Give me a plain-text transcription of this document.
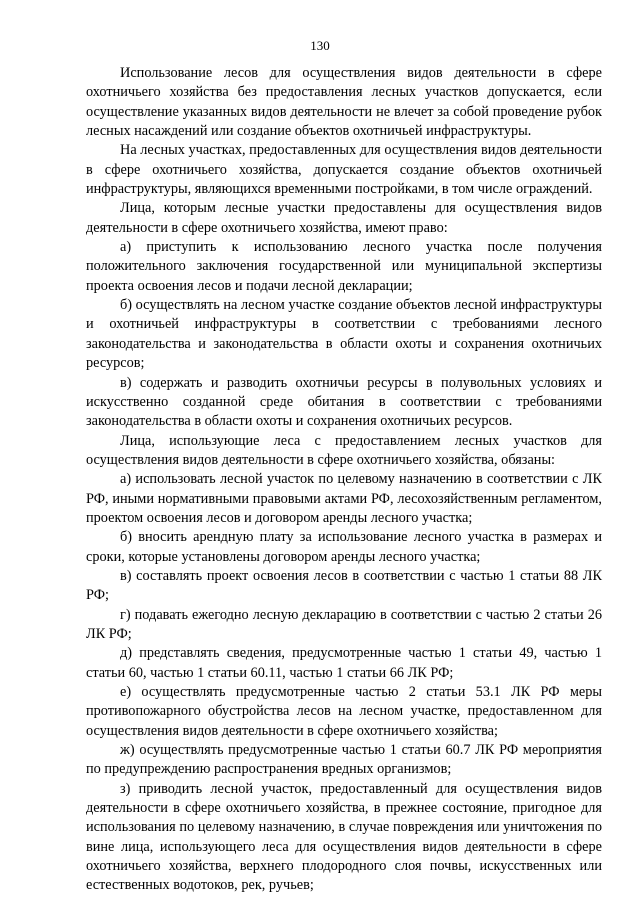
130

Использование лесов для осуществления видов деятельности в сфере охотничьего хозяйства без предоставления лесных участков допускается, если осуществление указанных видов деятельности не влечет за собой проведение рубок лесных насаждений или создание объектов охотничьей инфраструктуры.

На лесных участках, предоставленных для осуществления видов деятельности в сфере охотничьего хозяйства, допускается создание объектов охотничьей инфраструктуры, являющихся временными постройками, в том числе ограждений.

Лица, которым лесные участки предоставлены для осуществления видов деятельности в сфере охотничьего хозяйства, имеют право:

а) приступить к использованию лесного участка после получения положительного заключения государственной или муниципальной экспертизы проекта освоения лесов и подачи лесной декларации;

б) осуществлять на лесном участке создание объектов лесной инфраструктуры и охотничьей инфраструктуры в соответствии с требованиями лесного законодательства и законодательства в области охоты и сохранения охотничьих ресурсов;

в) содержать и разводить охотничьи ресурсы в полувольных условиях и искусственно созданной среде обитания в соответствии с требованиями законодательства в области охоты и сохранения охотничьих ресурсов.

Лица, использующие леса с предоставлением лесных участков для осуществления видов деятельности в сфере охотничьего хозяйства, обязаны:

а) использовать лесной участок по целевому назначению в соответствии с ЛК РФ, иными нормативными правовыми актами РФ, лесохозяйственным регламентом, проектом освоения лесов и договором аренды лесного участка;

б) вносить арендную плату за использование лесного участка в размерах и сроки, которые установлены договором аренды лесного участка;

в) составлять проект освоения лесов в соответствии с частью 1 статьи 88 ЛК РФ;

г) подавать ежегодно лесную декларацию в соответствии с частью 2 статьи 26 ЛК РФ;

д) представлять сведения, предусмотренные частью 1 статьи 49, частью 1 статьи 60, частью 1 статьи 60.11, частью 1 статьи 66 ЛК РФ;

е) осуществлять предусмотренные частью 2 статьи 53.1 ЛК РФ меры противопожарного обустройства лесов на лесном участке, предоставленном для осуществления видов деятельности в сфере охотничьего хозяйства;

ж) осуществлять предусмотренные частью 1 статьи 60.7 ЛК РФ мероприятия по предупреждению распространения вредных организмов;

з) приводить лесной участок, предоставленный для осуществления видов деятельности в сфере охотничьего хозяйства, в прежнее состояние, пригодное для использования по целевому назначению, в случае повреждения или уничтожения по вине лица, использующего леса для осуществления видов деятельности в сфере охотничьего хозяйства, верхнего плодородного слоя почвы, искусственных или естественных водотоков, рек, ручьев;
